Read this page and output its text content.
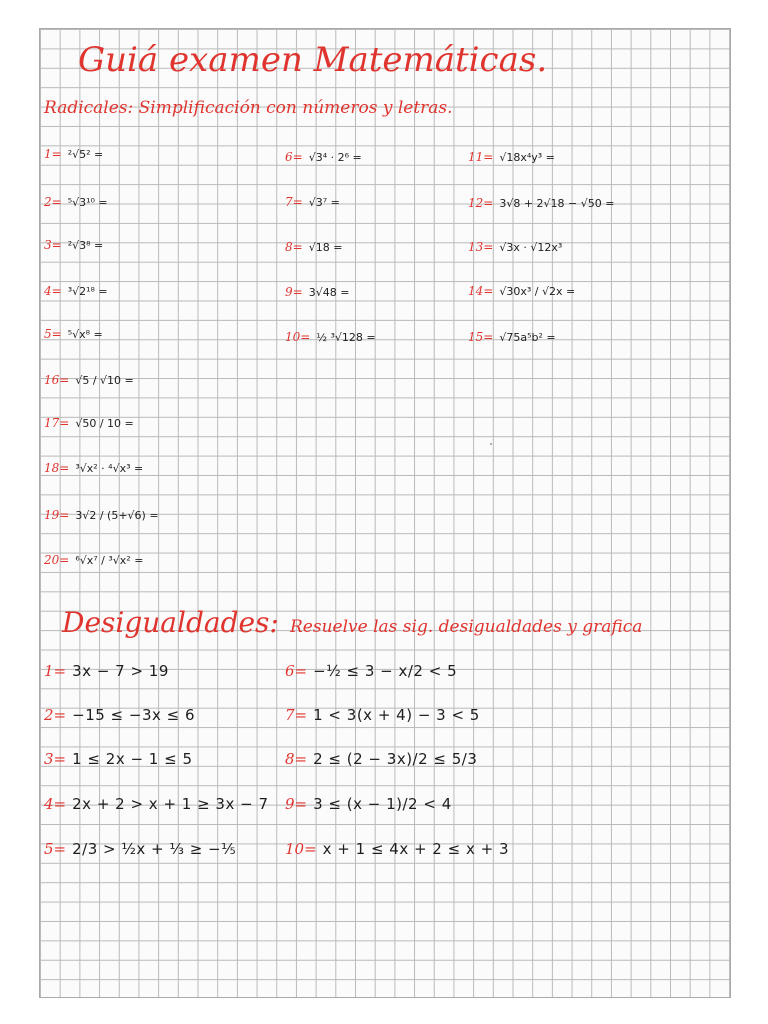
Guiá examen Matemáticas.
Radicales: Simplificación con números y letras.
1= ²√5² =
2= ⁵√3¹⁰ =
3= ²√3⁸ =
4= ³√2¹⁸ =
5= ⁵√x⁸ =
6= √3⁴ · 2⁶ =
7= √3⁷ =
8= √18 =
9= 3√48 =
10= ½ ³√128 =
11= √18x⁴y³ =
12= 3√8 + 2√18 − √50 =
13= √3x · √12x³
14= √30x³ / √2x =
15= √75a⁵b² =
16= √5 / √10 =
17= √50 / 10 =
18= ³√x² · ⁴√x³ =
19= 3√2 / (5+√6) =
20= ⁶√x⁷ / ³√x² =
Desigualdades: Resuelve las sig. desigualdades y grafica
1= 3x − 7 > 19
2= −15 ≤ −3x ≤ 6
3= 1 ≤ 2x − 1 ≤ 5
4= 2x + 2 > x + 1 ≥ 3x − 7
5= 2/3 > ½x + ⅓ ≥ −⅕
6= −½ ≤ 3 − x/2 < 5
7= 1 < 3(x + 4) − 3 < 5
8= 2 ≤ (2 − 3x)/2 ≤ 5/3
9= 3 ≤ (x − 1)/2 < 4
10= x + 1 ≤ 4x + 2 ≤ x + 3
